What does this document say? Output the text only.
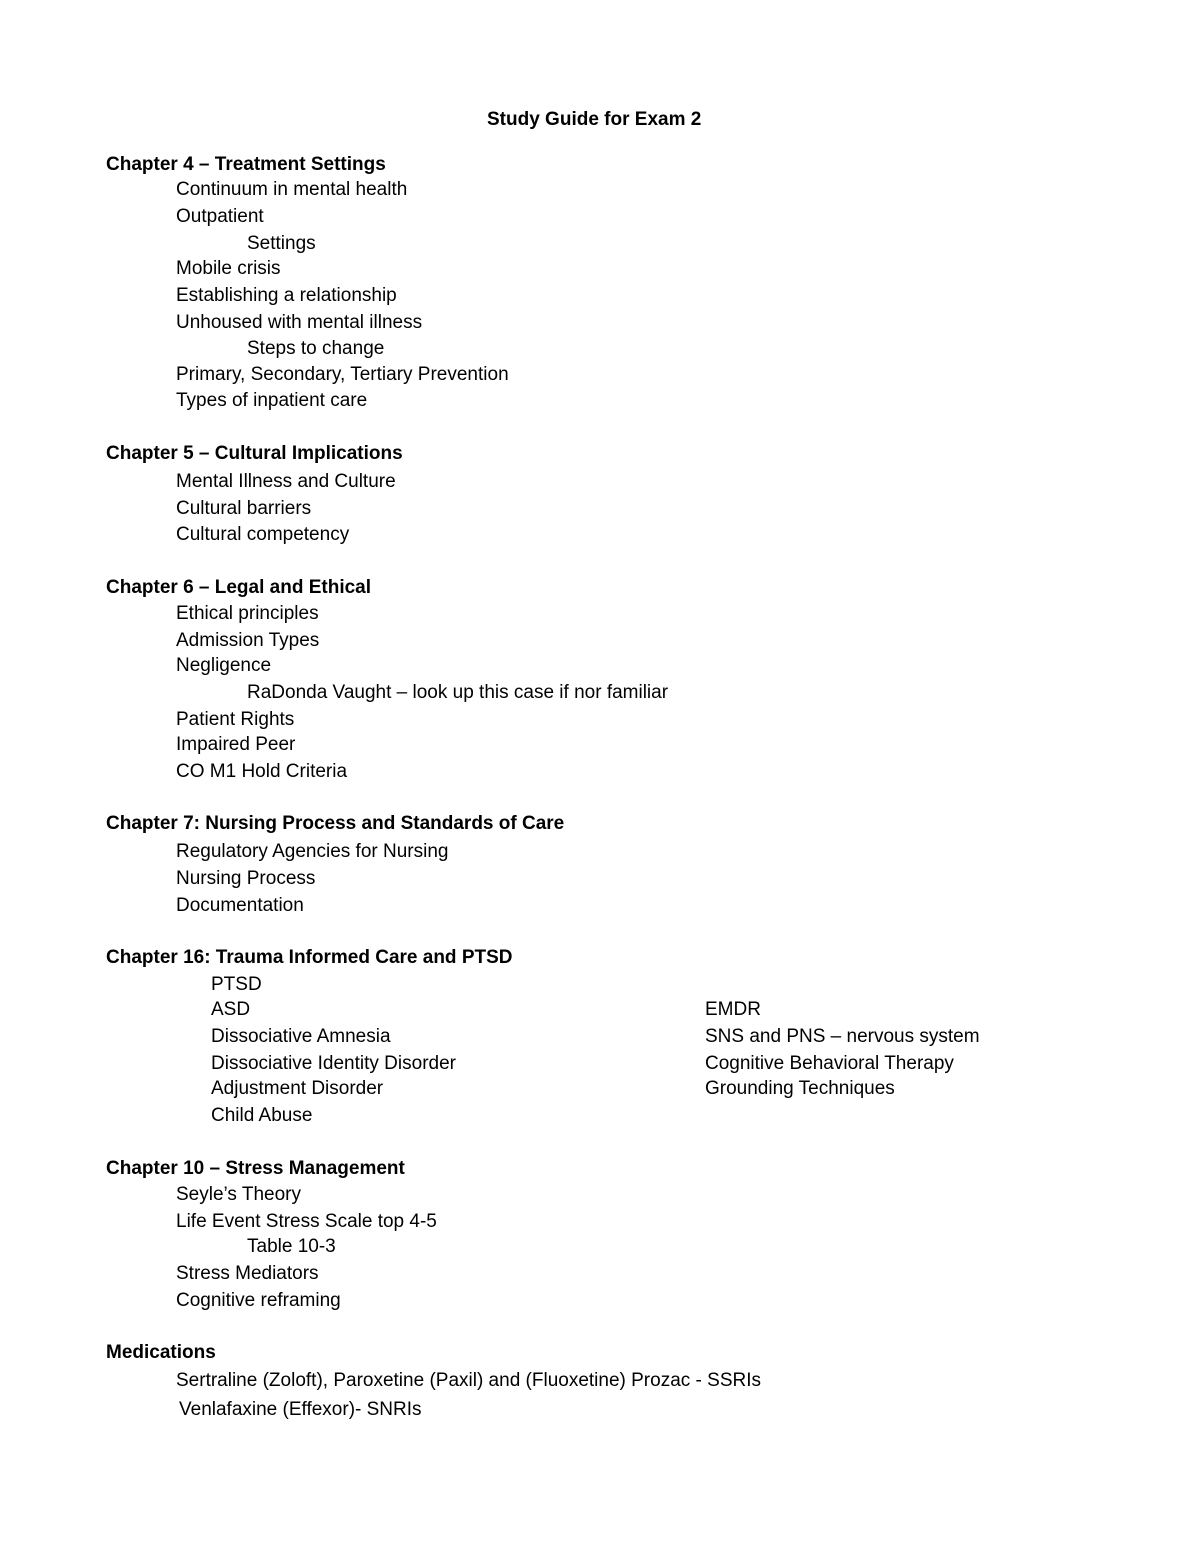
Study Guide for Exam 2
Chapter 4 – Treatment Settings
Continuum in mental health
Outpatient
Settings
Mobile crisis
Establishing a relationship
Unhoused with mental illness
Steps to change
Primary, Secondary, Tertiary Prevention
Types of inpatient care
Chapter 5 – Cultural Implications
Mental Illness and Culture
Cultural barriers
Cultural competency
Chapter 6 – Legal and Ethical
Ethical principles
Admission Types
Negligence
RaDonda Vaught – look up this case if nor familiar
Patient Rights
Impaired Peer
CO M1 Hold Criteria
Chapter 7: Nursing Process and Standards of Care
Regulatory Agencies for Nursing
Nursing Process
Documentation
Chapter 16: Trauma Informed Care and PTSD
PTSD
ASD
Dissociative Amnesia
Dissociative Identity Disorder
Adjustment Disorder
Child Abuse
EMDR
SNS and PNS – nervous system
Cognitive Behavioral Therapy
Grounding Techniques
Chapter 10 – Stress Management
Seyle’s Theory
Life Event Stress Scale top 4-5
Table 10-3
Stress Mediators
Cognitive reframing
Medications
Sertraline (Zoloft), Paroxetine (Paxil) and (Fluoxetine) Prozac - SSRIs
Venlafaxine (Effexor)- SNRIs
